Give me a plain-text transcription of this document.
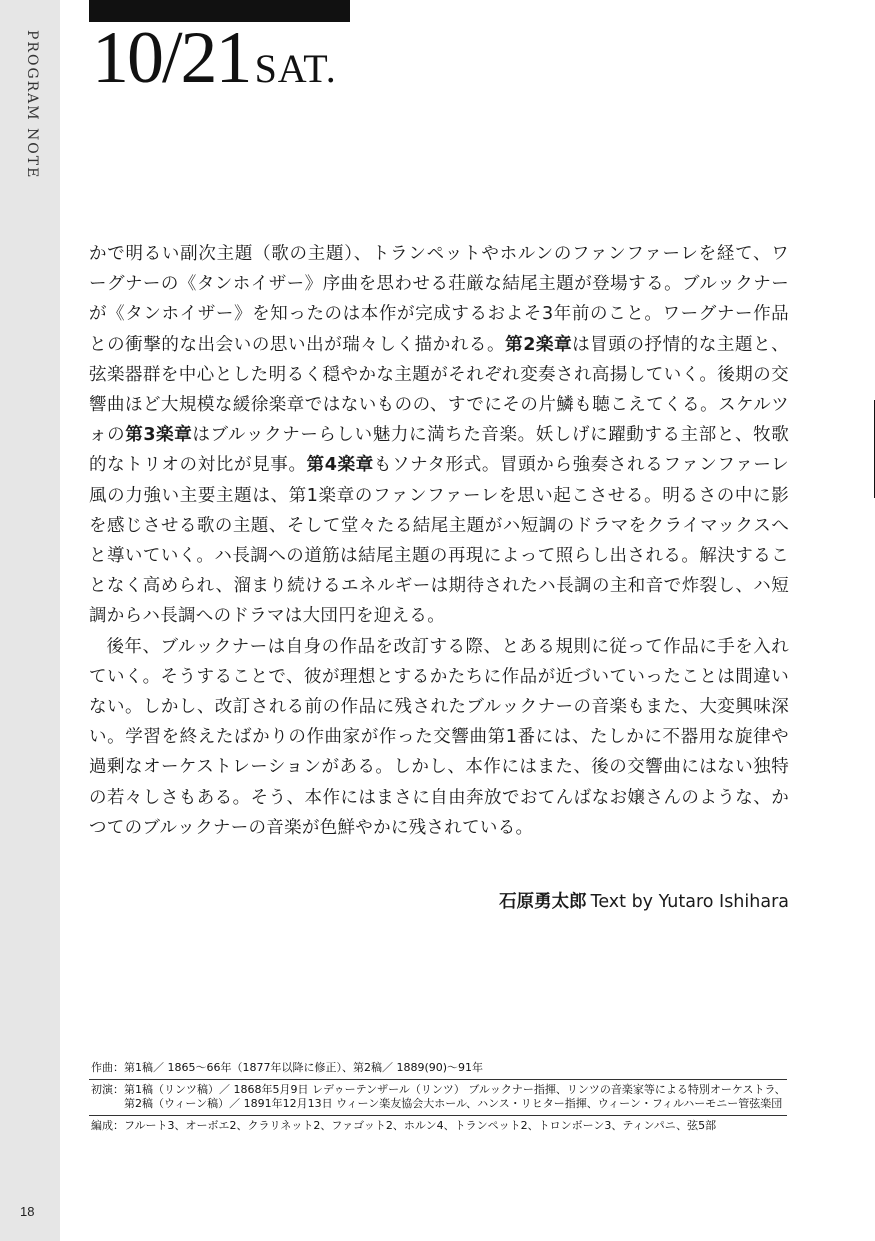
PROGRAM NOTE
18
10/21 SAT.

かで明るい副次主題（歌の主題）、トランペットやホルンのファンファーレを経て、ワーグナーの《タンホイザー》序曲を思わせる荘厳な結尾主題が登場する。ブルックナーが《タンホイザー》を知ったのは本作が完成するおよそ3年前のこと。ワーグナー作品との衝撃的な出会いの思い出が瑞々しく描かれる。第2楽章は冒頭の抒情的な主題と、弦楽器群を中心とした明るく穏やかな主題がそれぞれ変奏され高揚していく。後期の交響曲ほど大規模な緩徐楽章ではないものの、すでにその片鱗も聴こえてくる。スケルツォの第3楽章はブルックナーらしい魅力に満ちた音楽。妖しげに躍動する主部と、牧歌的なトリオの対比が見事。第4楽章もソナタ形式。冒頭から強奏されるファンファーレ風の力強い主要主題は、第1楽章のファンファーレを思い起こさせる。明るさの中に影を感じさせる歌の主題、そして堂々たる結尾主題がハ短調のドラマをクライマックスへと導いていく。ハ長調への道筋は結尾主題の再現によって照らし出される。解決することなく高められ、溜まり続けるエネルギーは期待されたハ長調の主和音で炸裂し、ハ短調からハ長調へのドラマは大団円を迎える。

後年、ブルックナーは自身の作品を改訂する際、とある規則に従って作品に手を入れていく。そうすることで、彼が理想とするかたちに作品が近づいていったことは間違いない。しかし、改訂される前の作品に残されたブルックナーの音楽もまた、大変興味深い。学習を終えたばかりの作曲家が作った交響曲第1番には、たしかに不器用な旋律や過剰なオーケストレーションがある。しかし、本作にはまた、後の交響曲にはない独特の若々しさもある。そう、本作にはまさに自由奔放でおてんばなお嬢さんのような、かつてのブルックナーの音楽が色鮮やかに残されている。

石原勇太郎 Text by Yutaro Ishihara
作曲： 第1稿／ 1865〜66年（1877年以降に修正）、第2稿／ 1889(90)〜91年
初演： 第1稿（リンツ稿）／ 1868年5月9日 レデゥーテンザール（リンツ） ブルックナー指揮、リンツの音楽家等による特別オーケストラ、第2稿（ウィーン稿）／ 1891年12月13日 ウィーン楽友協会大ホール、ハンス・リヒター指揮、ウィーン・フィルハーモニー管弦楽団
編成： フルート3、オーボエ2、クラリネット2、ファゴット2、ホルン4、トランペット2、トロンボーン3、ティンパニ、弦5部
